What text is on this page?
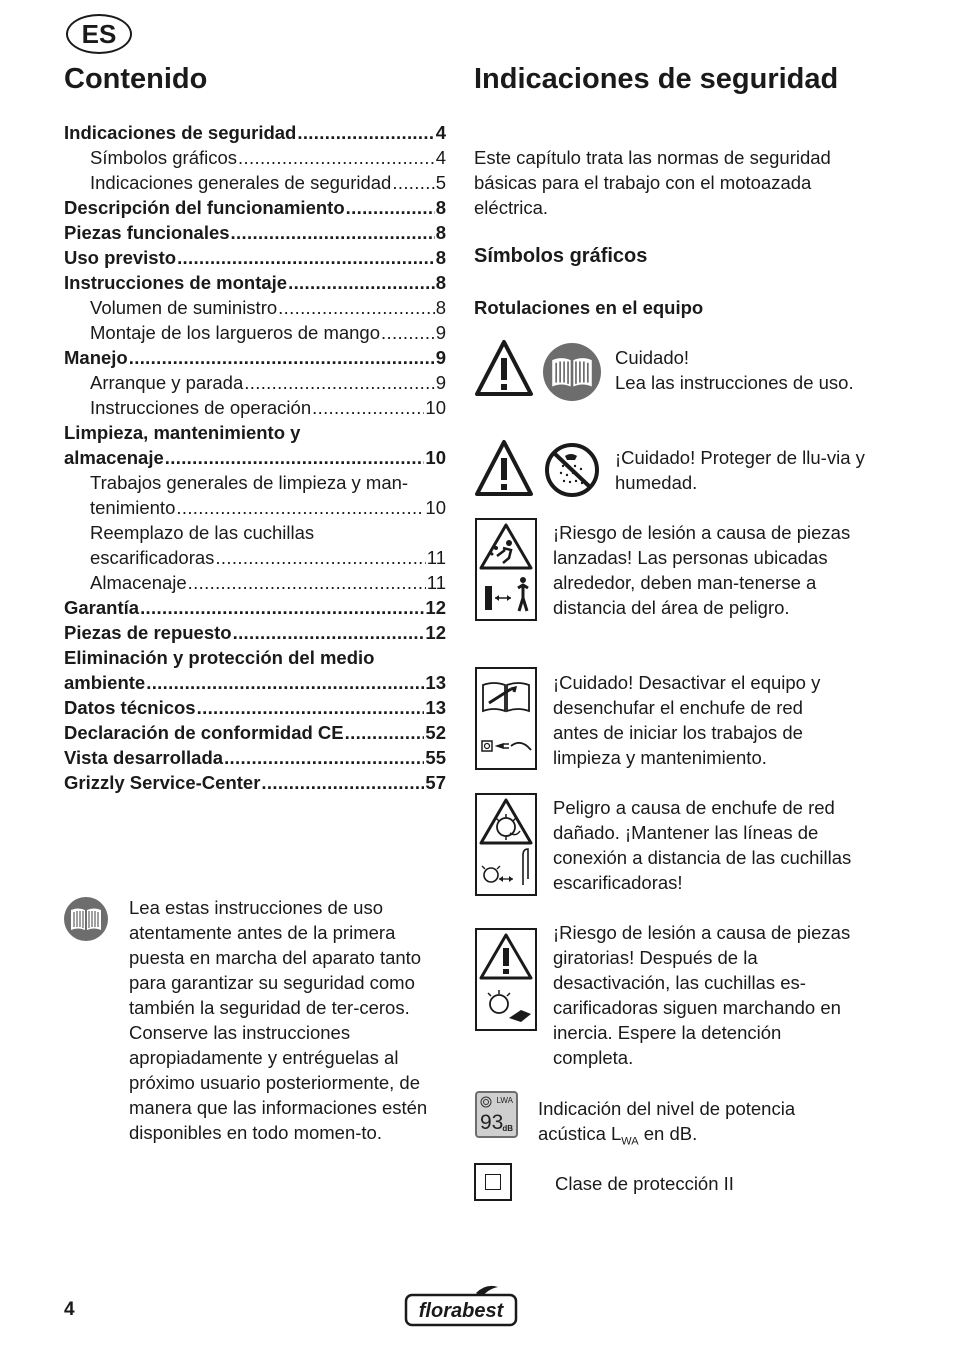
ES
Contenido
Indicaciones de seguridad . . .	4
Símbolos gráficos . . .	4
Indicaciones generales de seguridad . . . 5
Descripción del funcionamiento . . .	8
Piezas funcionales . . .	8
Uso previsto . . .	8
Instrucciones de montaje . . .	8
Volumen de suministro . . .	8
Montaje de los largueros de mango . . .	9
Manejo . . .	9
Arranque y parada . . .	9
Instrucciones de operación . . .	10
Limpieza, mantenimiento y
almacenaje . . .	10
Trabajos generales de limpieza y man-
tenimiento . . .	10
Reemplazo de las cuchillas
escarificadoras . . .	11
Almacenaje . . .	11
Garantía . . .	12
Piezas de repuesto . . .	12
Eliminación y protección del medio
ambiente . . .	13
Datos técnicos . . .	13
Declaración de conformidad CE . . .	52
Vista desarrollada . . .	55
Grizzly Service-Center . . .	57
Lea estas instrucciones de uso atentamente antes de la primera puesta en marcha del aparato tanto para garantizar su seguridad como también la seguridad de ter-ceros. Conserve las instrucciones apropiadamente y entréguelas al próximo usuario posteriormente, de manera que las informaciones estén disponibles en todo momen-to.
Indicaciones de seguridad
Este capítulo trata las normas de seguridad básicas para el trabajo con el motoazada eléctrica.
Símbolos gráficos
Rotulaciones en el equipo
Cuidado!
Lea las instrucciones de uso.
¡Cuidado! Proteger de llu-via y humedad.
¡Riesgo de lesión a causa de piezas lanzadas! Las personas ubicadas alrededor, deben man-tenerse a distancia del área de peligro.
¡Cuidado! Desactivar el equipo y desenchufar el enchufe de red antes de iniciar los trabajos de limpieza y mantenimiento.
Peligro a causa de enchufe de red dañado. ¡Mantener las líneas de conexión a distancia de las cuchillas escarificadoras!
¡Riesgo de lesión a causa de piezas giratorias! Después de la desactivación, las cuchillas es-carificadoras siguen marchando en inercia. Espere la detención completa.
LWA
93
dB
Indicación del nivel de potencia acústica $L_{WA}$ en dB.
Clase de protección II
4	florabest
